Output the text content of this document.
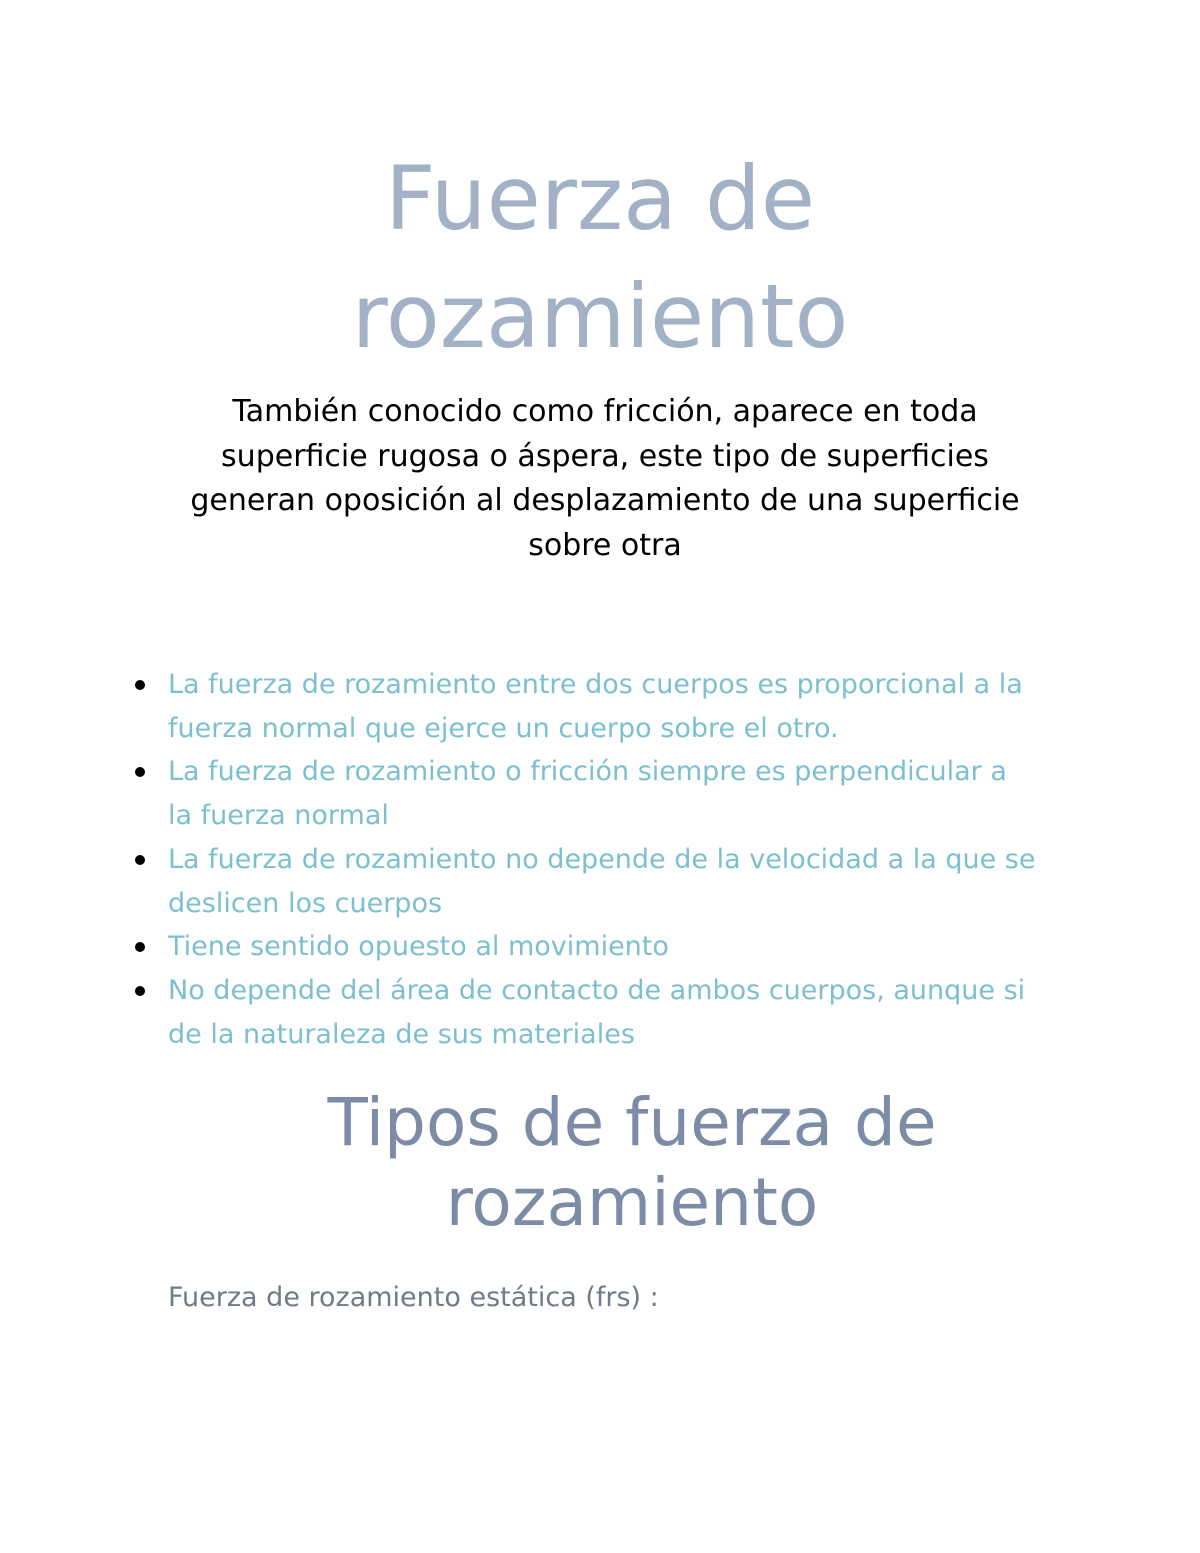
Fuerza de
rozamiento

También conocido como fricción, aparece en toda
superficie rugosa o áspera, este tipo de superficies
generan oposición al desplazamiento de una superficie
sobre otra

La fuerza de rozamiento entre dos cuerpos es proporcional a la
fuerza normal que ejerce un cuerpo sobre el otro.
La fuerza de rozamiento o fricción siempre es perpendicular a
la fuerza normal
La fuerza de rozamiento no depende de la velocidad a la que se
deslicen los cuerpos
Tiene sentido opuesto al movimiento
No depende del área de contacto de ambos cuerpos, aunque si
de la naturaleza de sus materiales
Tipos de fuerza de
rozamiento

Fuerza de rozamiento estática (frs) :
